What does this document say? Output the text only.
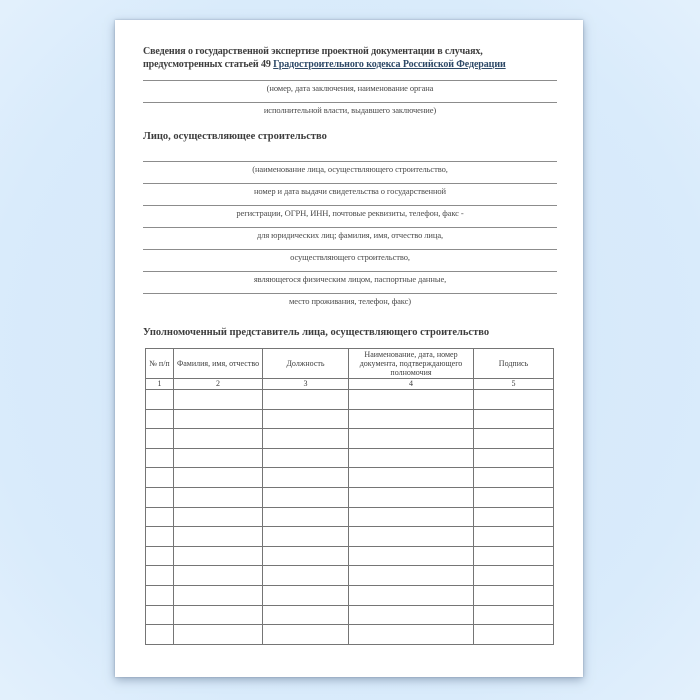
Сведения о государственной экспертизе проектной документации в случаях, предусмотренных статьей 49 Градостроительного кодекса Российской Федерации

(номер, дата заключения, наименование органа
исполнительной власти, выдавшего заключение)

Лицо, осуществляющее строительство

(наименование лица, осуществляющего строительство,
номер и дата выдачи свидетельства о государственной
регистрации, ОГРН, ИНН, почтовые реквизиты, телефон, факс -
для юридических лиц; фамилия, имя, отчество лица,
осуществляющего строительство,
являющегося физическим лицом, паспортные данные,
место проживания, телефон, факс)

Уполномоченный представитель лица, осуществляющего строительство

№ п/п	Фамилия, имя, отчество	Должность	Наименование, дата, номер документа, подтверждающего полномочия	Подпись
1	2	3	4	5
